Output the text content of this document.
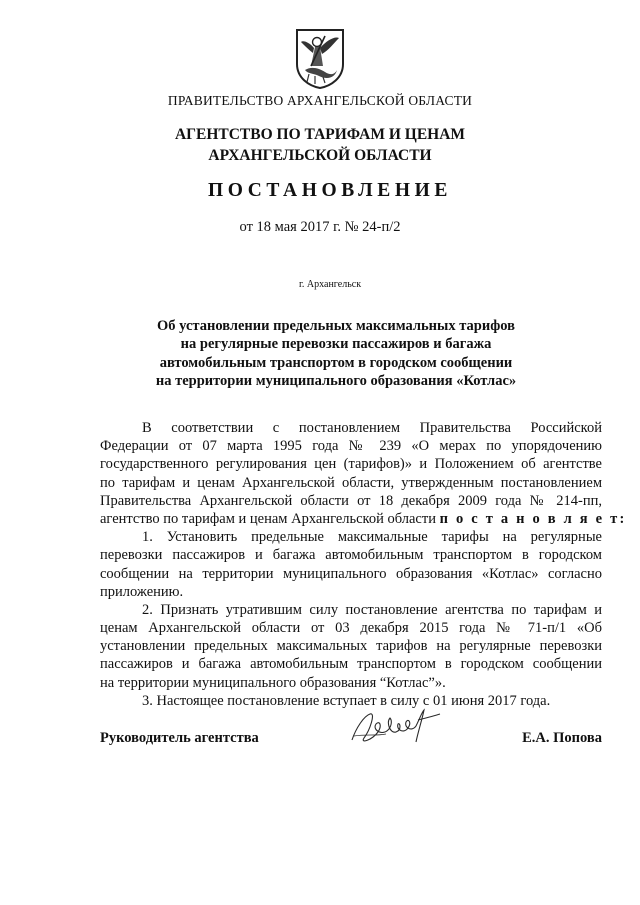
ПРАВИТЕЛЬСТВО АРХАНГЕЛЬСКОЙ ОБЛАСТИ
АГЕНТСТВО ПО ТАРИФАМ И ЦЕНАМ
АРХАНГЕЛЬСКОЙ ОБЛАСТИ
ПОСТАНОВЛЕНИЕ
от 18 мая 2017 г. № 24-п/2
г. Архангельск
Об установлении предельных максимальных тарифов
на регулярные перевозки пассажиров и багажа
автомобильным транспортом в городском сообщении
на территории муниципального образования «Котлас»
В соответствии с постановлением Правительства Российской
Федерации от 07 марта 1995 года № 239 «О мерах по упорядочению
государственного регулирования цен (тарифов)» и Положением об агентстве
по тарифам и ценам Архангельской области, утвержденным постановлением
Правительства Архангельской области от 18 декабря 2009 года № 214-пп,
агентство по тарифам и ценам Архангельской области п о с т а н о в л я е т:
1. Установить предельные максимальные тарифы на регулярные
перевозки пассажиров и багажа автомобильным транспортом в городском
сообщении на территории муниципального образования «Котлас» согласно
приложению.
2. Признать утратившим силу постановление агентства по тарифам и
ценам Архангельской области от 03 декабря 2015 года № 71-п/1 «Об
установлении предельных максимальных тарифов на регулярные перевозки
пассажиров и багажа автомобильным транспортом в городском сообщении
на территории муниципального образования “Котлас”».
3. Настоящее постановление вступает в силу с 01 июня 2017 года.
Руководитель агентства	Е.А. Попова
